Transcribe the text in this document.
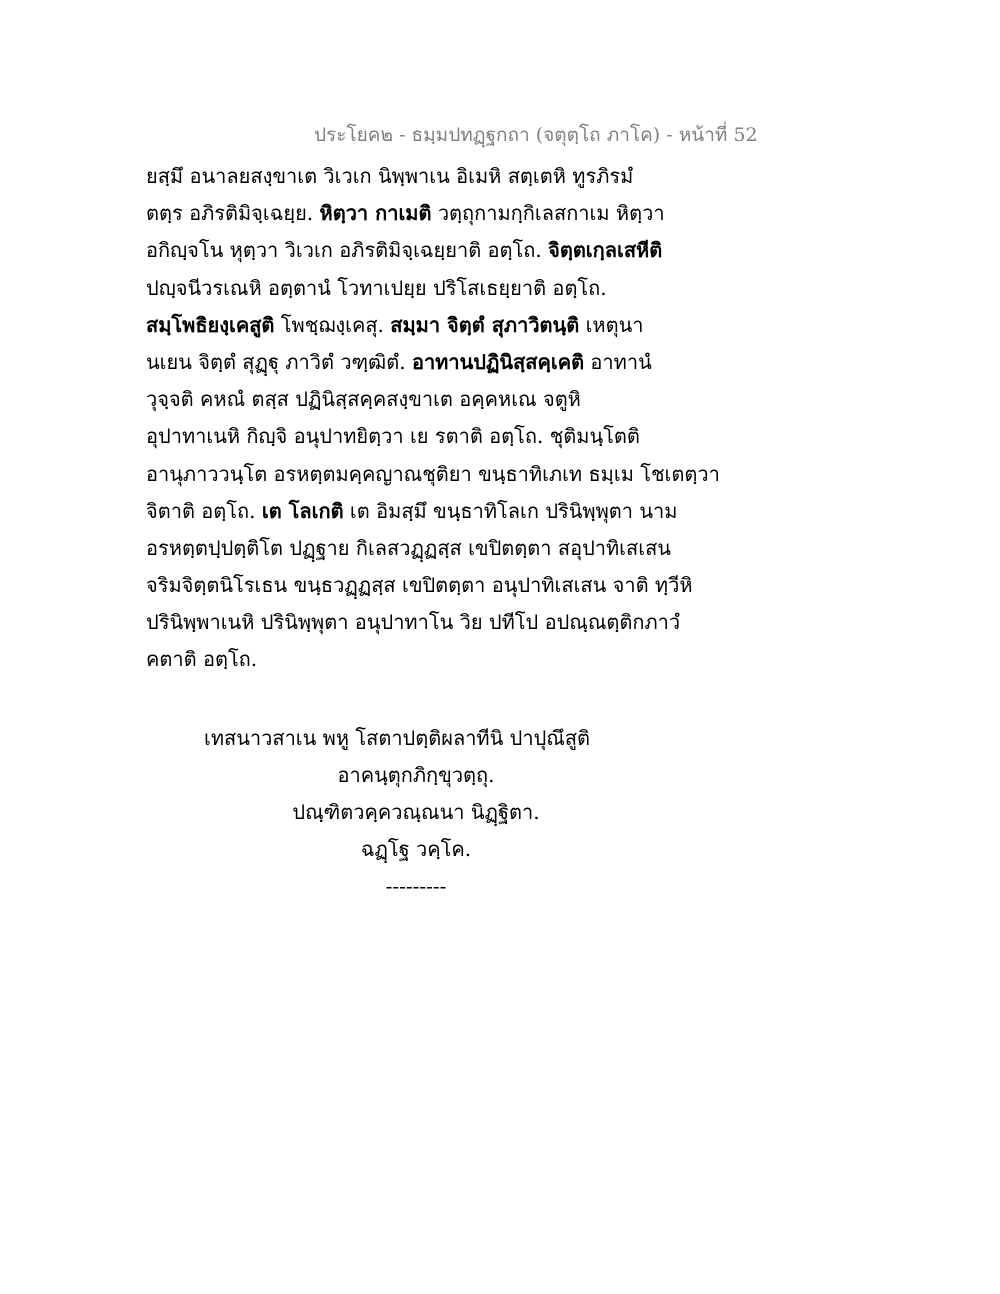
ประโยค๒ - ธมฺมปทฏฺฐกถา (จตุตฺโถ ภาโค) - หน้าที่ 52
ยสฺมึ อนาลยสงฺขาเต วิเวเก นิพฺพาเน อิเมหิ สตฺเตหิ ทูรภิรมํ
ตตฺร อภิรติมิจฺเฉยฺย. หิตฺวา กาเมติ วตฺถุกามกฺกิเลสกาเม หิตฺวา
อกิญฺจโน หุตฺวา วิเวเก อภิรติมิจฺเฉยฺยาติ อตฺโถ. จิตฺตเกฺลเสหีติ
ปญฺจนีวรเณหิ อตฺตานํ โวทาเปยฺย ปริโสเธยฺยาติ อตฺโถ.
สมฺโพธิยงฺเคสูติ โพชฺฌงฺเคสุ. สมฺมา จิตฺตํ สุภาวิตนฺติ เหตุนา
นเยน จิตฺตํ สุฏฺฐุ ภาวิตํ วฑฺฒิตํ. อาทานปฏินิสฺสคฺเคติ อาทานํ
วุจฺจติ คหณํ ตสฺส ปฏินิสฺสคฺคสงฺขาเต อคฺคหเณ จตูหิ
อุปาทาเนหิ กิญฺจิ อนุปาทยิตฺวา เย รตาติ อตฺโถ. ชุติมนฺโตติ
อานุภาววนฺโต อรหตฺตมคฺคญาณชุติยา ขนฺธาทิเภเท ธมฺเม โชเตตฺวา
จิตาติ อตฺโถ. เต โลเกติ เต อิมสฺมึ ขนฺธาทิโลเก ปรินิพฺพุตา นาม
อรหตฺตปฺปตฺติโต ปฏฺฐาย กิเลสวฏฺฏสฺส เขปิตตฺตา สอุปาทิเสเสน
จริมจิตฺตนิโรเธน ขนฺธวฏฺฏสฺส เขปิตตฺตา อนุปาทิเสเสน จาติ ทฺวีหิ
ปรินิพฺพาเนหิ ปรินิพฺพุตา อนุปาทาโน วิย ปทีโป อปณฺณตฺติกภาวํ
คตาติ อตฺโถ.
เทสนาวสาเน พหู โสตาปตฺติผลาทีนิ ปาปุณึสูติ
อาคนฺตุกภิกฺขุวตฺถุ.
ปณฺฑิตวคฺควณฺณนา นิฏฺฐิตา.
ฉฏฺโฐ วคฺโค.
---------
